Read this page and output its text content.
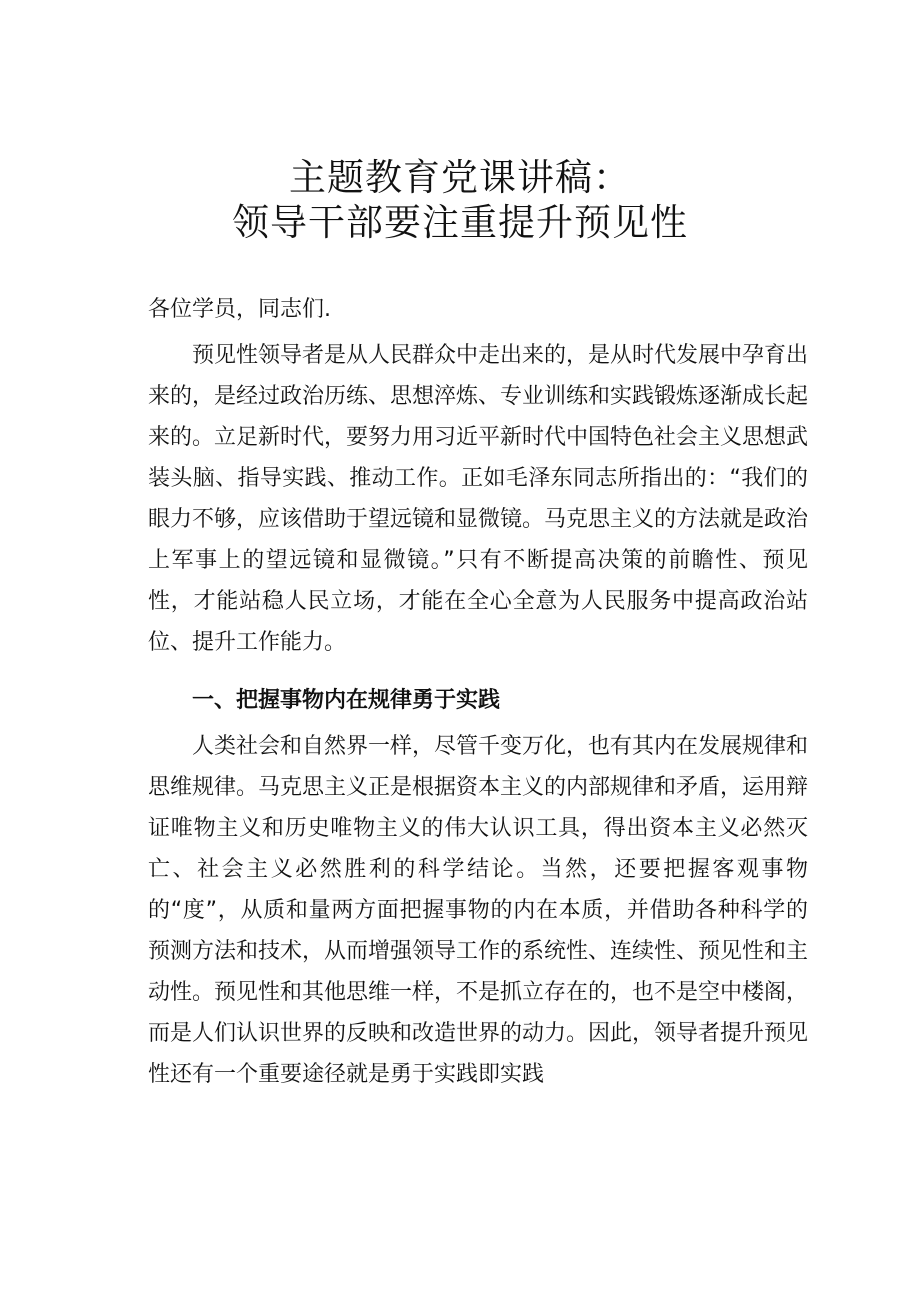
主题教育党课讲稿：
领导干部要注重提升预见性
各位学员，同志们.

预见性领导者是从人民群众中走出来的，是从时代发展中孕育出来的，是经过政治历练、思想淬炼、专业训练和实践锻炼逐渐成长起来的。立足新时代，要努力用习近平新时代中国特色社会主义思想武装头脑、指导实践、推动工作。正如毛泽东同志所指出的：“我们的眼力不够，应该借助于望远镜和显微镜。马克思主义的方法就是政治上军事上的望远镜和显微镜。”只有不断提高决策的前瞻性、预见性，才能站稳人民立场，才能在全心全意为人民服务中提高政治站位、提升工作能力。

一、把握事物内在规律勇于实践

人类社会和自然界一样，尽管千变万化，也有其内在发展规律和思维规律。马克思主义正是根据资本主义的内部规律和矛盾，运用辩证唯物主义和历史唯物主义的伟大认识工具，得出资本主义必然灭亡、社会主义必然胜利的科学结论。当然，还要把握客观事物的“度”，从质和量两方面把握事物的内在本质，并借助各种科学的预测方法和技术，从而增强领导工作的系统性、连续性、预见性和主动性。预见性和其他思维一样，不是抓立存在的，也不是空中楼阁，而是人们认识世界的反映和改造世界的动力。因此，领导者提升预见性还有一个重要途径就是勇于实践即实践
